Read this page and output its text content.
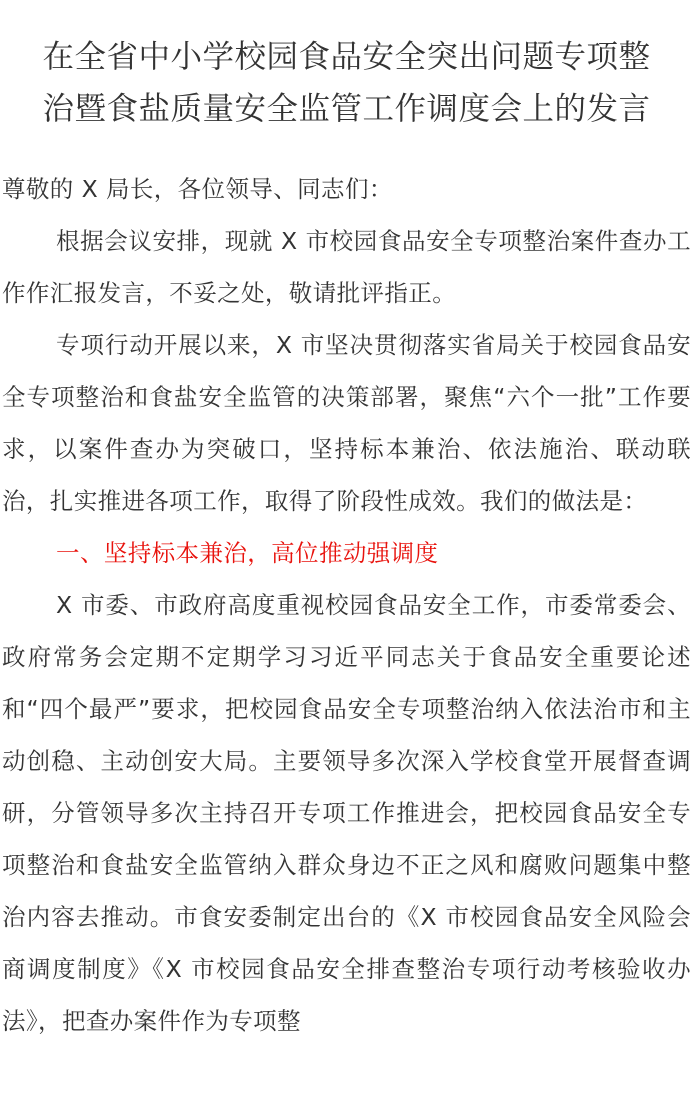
在全省中小学校园食品安全突出问题专项整
治暨食盐质量安全监管工作调度会上的发言

尊敬的 X 局长，各位领导、同志们：

根据会议安排，现就 X 市校园食品安全专项整治案件查办工作作汇报发言，不妥之处，敬请批评指正。

专项行动开展以来，X 市坚决贯彻落实省局关于校园食品安全专项整治和食盐安全监管的决策部署，聚焦“六个一批”工作要求，以案件查办为突破口，坚持标本兼治、依法施治、联动联治，扎实推进各项工作，取得了阶段性成效。我们的做法是：

一、坚持标本兼治，高位推动强调度

X 市委、市政府高度重视校园食品安全工作，市委常委会、政府常务会定期不定期学习习近平同志关于食品安全重要论述和“四个最严”要求，把校园食品安全专项整治纳入依法治市和主动创稳、主动创安大局。主要领导多次深入学校食堂开展督查调研，分管领导多次主持召开专项工作推进会，把校园食品安全专项整治和食盐安全监管纳入群众身边不正之风和腐败问题集中整治内容去推动。市食安委制定出台的《X 市校园食品安全风险会商调度制度》《X 市校园食品安全排查整治专项行动考核验收办法》，把查办案件作为专项整
